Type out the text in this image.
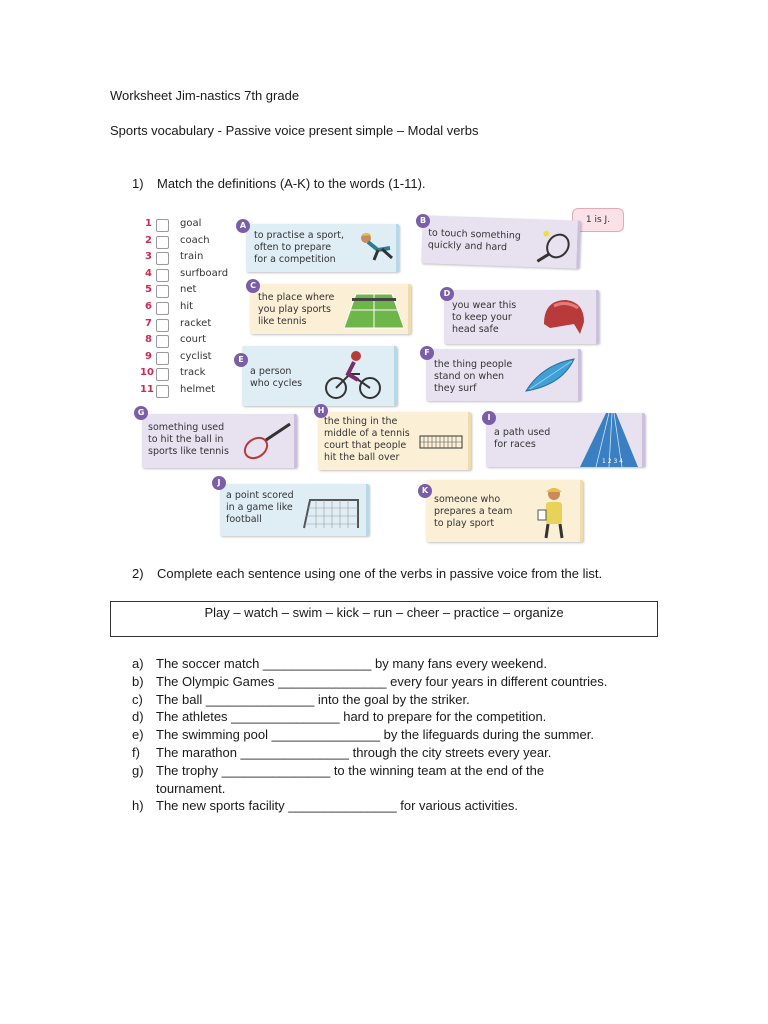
Worksheet Jim-nastics 7th grade
Sports vocabulary - Passive voice present simple – Modal verbs
1) Match the definitions (A-K) to the words (1-11).
1	goal
2	coach
3	train
4	surfboard
5	net
6	hit
7	racket
8	court
9	cyclist
10	track
11	helmet
1 is J.
A
to practise a sport,
often to prepare
for a competition
B
to touch something
quickly and hard
C
the place where
you play sports
like tennis
D
you wear this
to keep your
head safe
E
a person
who cycles
F
the thing people
stand on when
they surf
G
something used
to hit the ball in
sports like tennis
H
the thing in the
middle of a tennis
court that people
hit the ball over
I
a path used
for races
1 2 3 4
J
a point scored
in a game like
football
K
someone who
prepares a team
to play sport
2) Complete each sentence using one of the verbs in passive voice from the list.
Play – watch – swim – kick – run – cheer – practice – organize
a) The soccer match _______________ by many fans every weekend.
b) The Olympic Games _______________ every four years in different countries.
c) The ball _______________ into the goal by the striker.
d) The athletes _______________ hard to prepare for the competition.
e) The swimming pool _______________ by the lifeguards during the summer.
f) The marathon _______________ through the city streets every year.
g) The trophy _______________ to the winning team at the end of the
tournament.
h) The new sports facility _______________ for various activities.
